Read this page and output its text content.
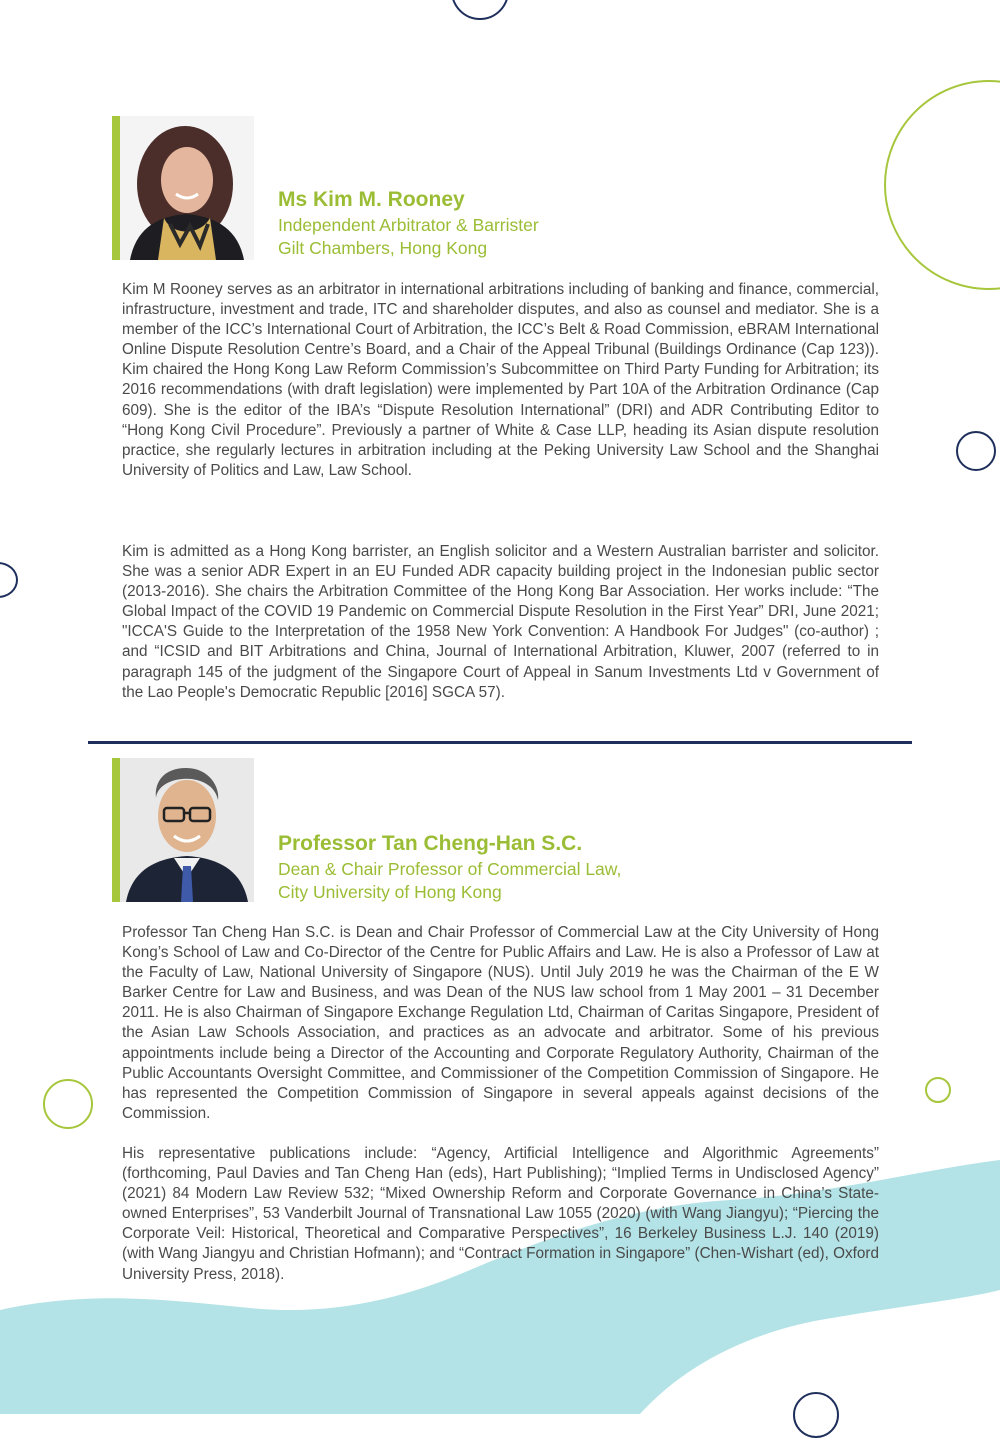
Ms Kim M. Rooney
Independent Arbitrator & Barrister
Gilt Chambers, Hong Kong

Kim M Rooney serves as an arbitrator in international arbitrations including of banking and finance, commercial, infrastructure, investment and trade, ITC and shareholder disputes, and also as counsel and mediator. She is a member of the ICC’s International Court of Arbitration, the ICC’s Belt & Road Commission, eBRAM International Online Dispute Resolution Centre’s Board, and a Chair of the Appeal Tribunal (Buildings Ordinance (Cap 123)). Kim chaired the Hong Kong Law Reform Commission’s Subcommittee on Third Party Funding for Arbitration; its 2016 recommendations (with draft legislation) were implemented by Part 10A of the Arbitration Ordinance (Cap 609). She is the editor of the IBA’s “Dispute Resolution International” (DRI) and ADR Contributing Editor to “Hong Kong Civil Procedure”. Previously a partner of White & Case LLP, heading its Asian dispute resolution practice, she regularly lectures in arbitration including at the Peking University Law School and the Shanghai University of Politics and Law, Law School.

Kim is admitted as a Hong Kong barrister, an English solicitor and a Western Australian barrister and solicitor. She was a senior ADR Expert in an EU Funded ADR capacity building project in the Indonesian public sector (2013-2016). She chairs the Arbitration Committee of the Hong Kong Bar Association. Her works include: “The Global Impact of the COVID 19 Pandemic on Commercial Dispute Resolution in the First Year” DRI, June 2021; "ICCA'S Guide to the Interpretation of the 1958 New York Convention: A Handbook For Judges" (co-author) ; and “ICSID and BIT Arbitrations and China, Journal of International Arbitration, Kluwer, 2007 (referred to in paragraph 145 of the judgment of the Singapore Court of Appeal in Sanum Investments Ltd v Government of the Lao People's Democratic Republic [2016] SGCA 57).

Professor Tan Cheng-Han S.C.
Dean & Chair Professor of Commercial Law,
City University of Hong Kong

Professor Tan Cheng Han S.C. is Dean and Chair Professor of Commercial Law at the City University of Hong Kong’s School of Law and Co-Director of the Centre for Public Affairs and Law. He is also a Professor of Law at the Faculty of Law, National University of Singapore (NUS). Until July 2019 he was the Chairman of the E W Barker Centre for Law and Business, and was Dean of the NUS law school from 1 May 2001 – 31 December 2011. He is also Chairman of Singapore Exchange Regulation Ltd, Chairman of Caritas Singapore, President of the Asian Law Schools Association, and practices as an advocate and arbitrator. Some of his previous appointments include being a Director of the Accounting and Corporate Regulatory Authority, Chairman of the Public Accountants Oversight Committee, and Commissioner of the Competition Commission of Singapore. He has represented the Competition Commission of Singapore in several appeals against decisions of the Commission.

His representative publications include: “Agency, Artificial Intelligence and Algorithmic Agreements” (forthcoming, Paul Davies and Tan Cheng Han (eds), Hart Publishing); “Implied Terms in Undisclosed Agency” (2021) 84 Modern Law Review 532; “Mixed Ownership Reform and Corporate Governance in China’s State-owned Enterprises”, 53 Vanderbilt Journal of Transnational Law 1055 (2020) (with Wang Jiangyu); “Piercing the Corporate Veil: Historical, Theoretical and Comparative Perspectives”, 16 Berkeley Business L.J. 140 (2019) (with Wang Jiangyu and Christian Hofmann); and “Contract Formation in Singapore” (Chen-Wishart (ed), Oxford University Press, 2018).
